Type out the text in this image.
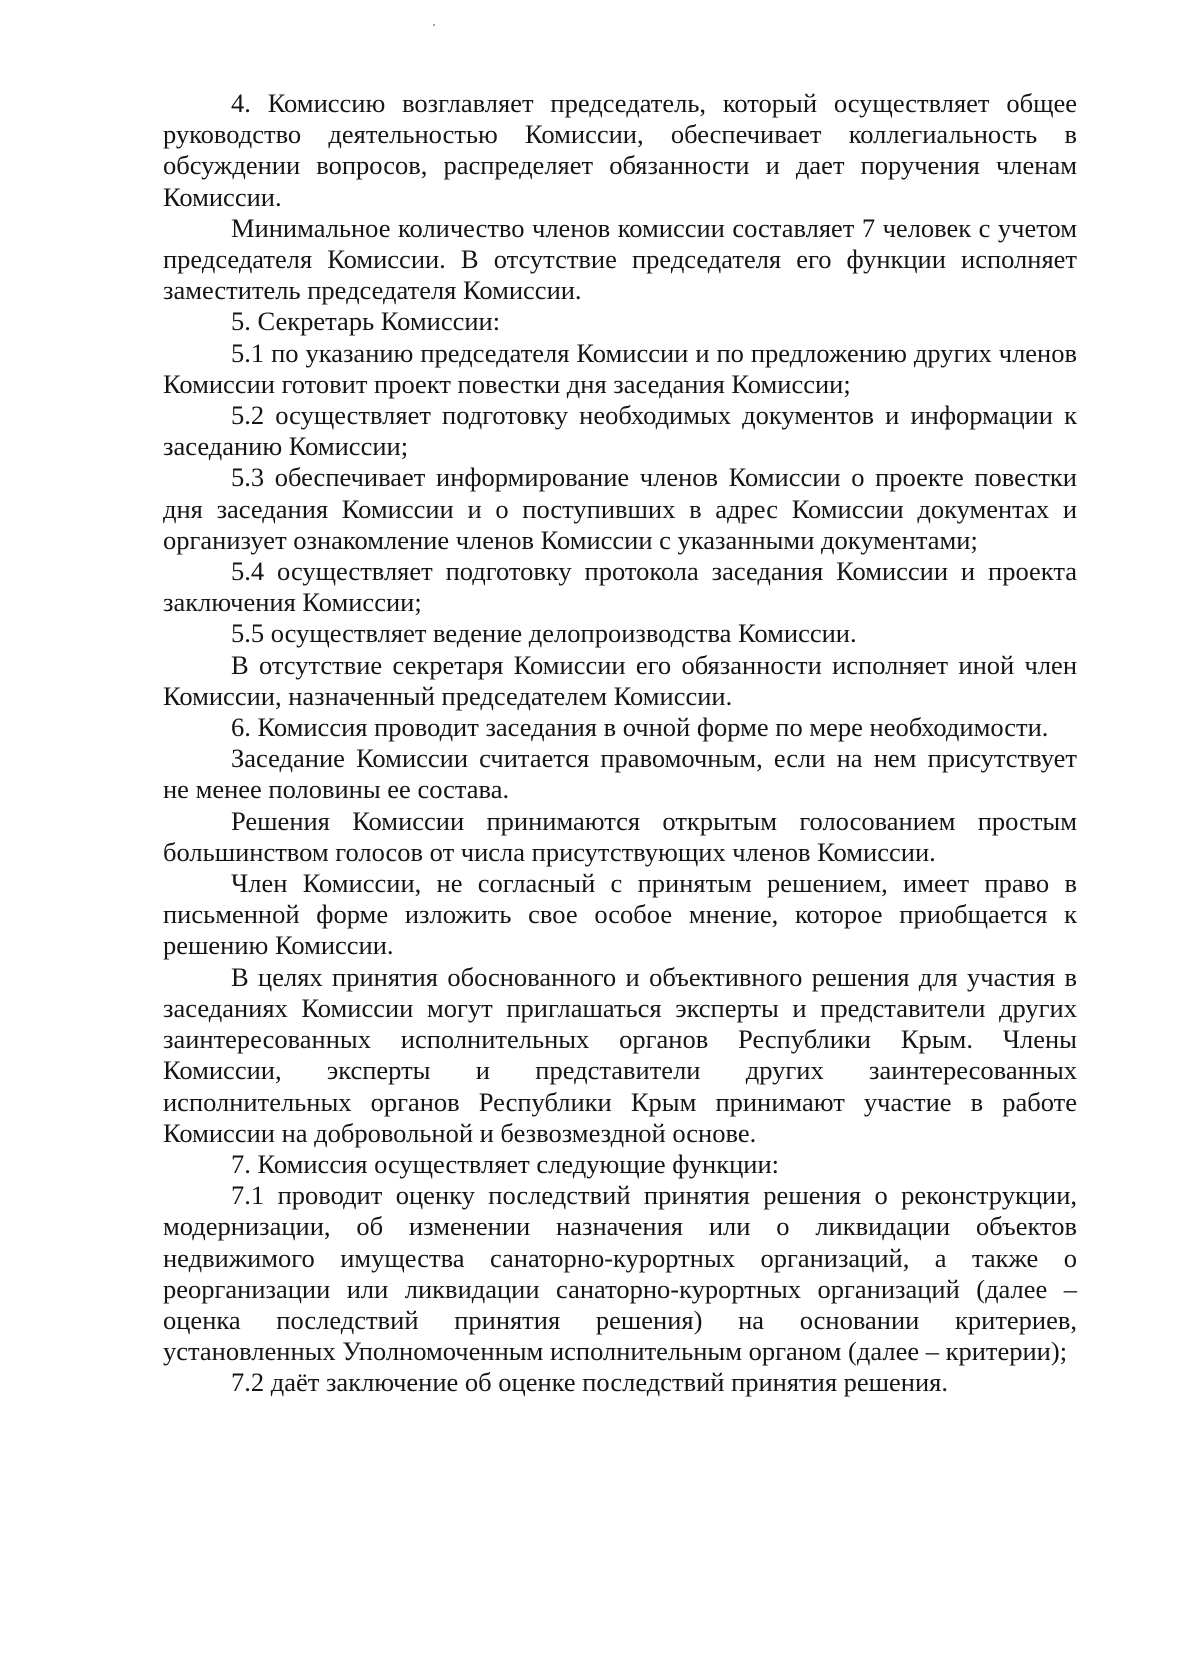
4. Комиссию возглавляет председатель, который осуществляет общее руководство деятельностью Комиссии, обеспечивает коллегиальность в обсуждении вопросов, распределяет обязанности и дает поручения членам Комиссии.

Минимальное количество членов комиссии составляет 7 человек с учетом председателя Комиссии. В отсутствие председателя его функции исполняет заместитель председателя Комиссии.

5. Секретарь Комиссии:

5.1 по указанию председателя Комиссии и по предложению других членов Комиссии готовит проект повестки дня заседания Комиссии;

5.2 осуществляет подготовку необходимых документов и информации к заседанию Комиссии;

5.3 обеспечивает информирование членов Комиссии о проекте повестки дня заседания Комиссии и о поступивших в адрес Комиссии документах и организует ознакомление членов Комиссии с указанными документами;

5.4 осуществляет подготовку протокола заседания Комиссии и проекта заключения Комиссии;

5.5 осуществляет ведение делопроизводства Комиссии.

В отсутствие секретаря Комиссии его обязанности исполняет иной член Комиссии, назначенный председателем Комиссии.

6. Комиссия проводит заседания в очной форме по мере необходимости.

Заседание Комиссии считается правомочным, если на нем присутствует не менее половины ее состава.

Решения Комиссии принимаются открытым голосованием простым большинством голосов от числа присутствующих членов Комиссии.

Член Комиссии, не согласный с принятым решением, имеет право в письменной форме изложить свое особое мнение, которое приобщается к решению Комиссии.

В целях принятия обоснованного и объективного решения для участия в заседаниях Комиссии могут приглашаться эксперты и представители других заинтересованных исполнительных органов Республики Крым. Члены Комиссии, эксперты и представители других заинтересованных исполнительных органов Республики Крым принимают участие в работе Комиссии на добровольной и безвозмездной основе.

7. Комиссия осуществляет следующие функции:

7.1 проводит оценку последствий принятия решения о реконструкции, модернизации, об изменении назначения или о ликвидации объектов недвижимого имущества санаторно-курортных организаций, а также о реорганизации или ликвидации санаторно-курортных организаций (далее – оценка последствий принятия решения) на основании критериев, установленных Уполномоченным исполнительным органом (далее – критерии);

7.2 даёт заключение об оценке последствий принятия решения.
